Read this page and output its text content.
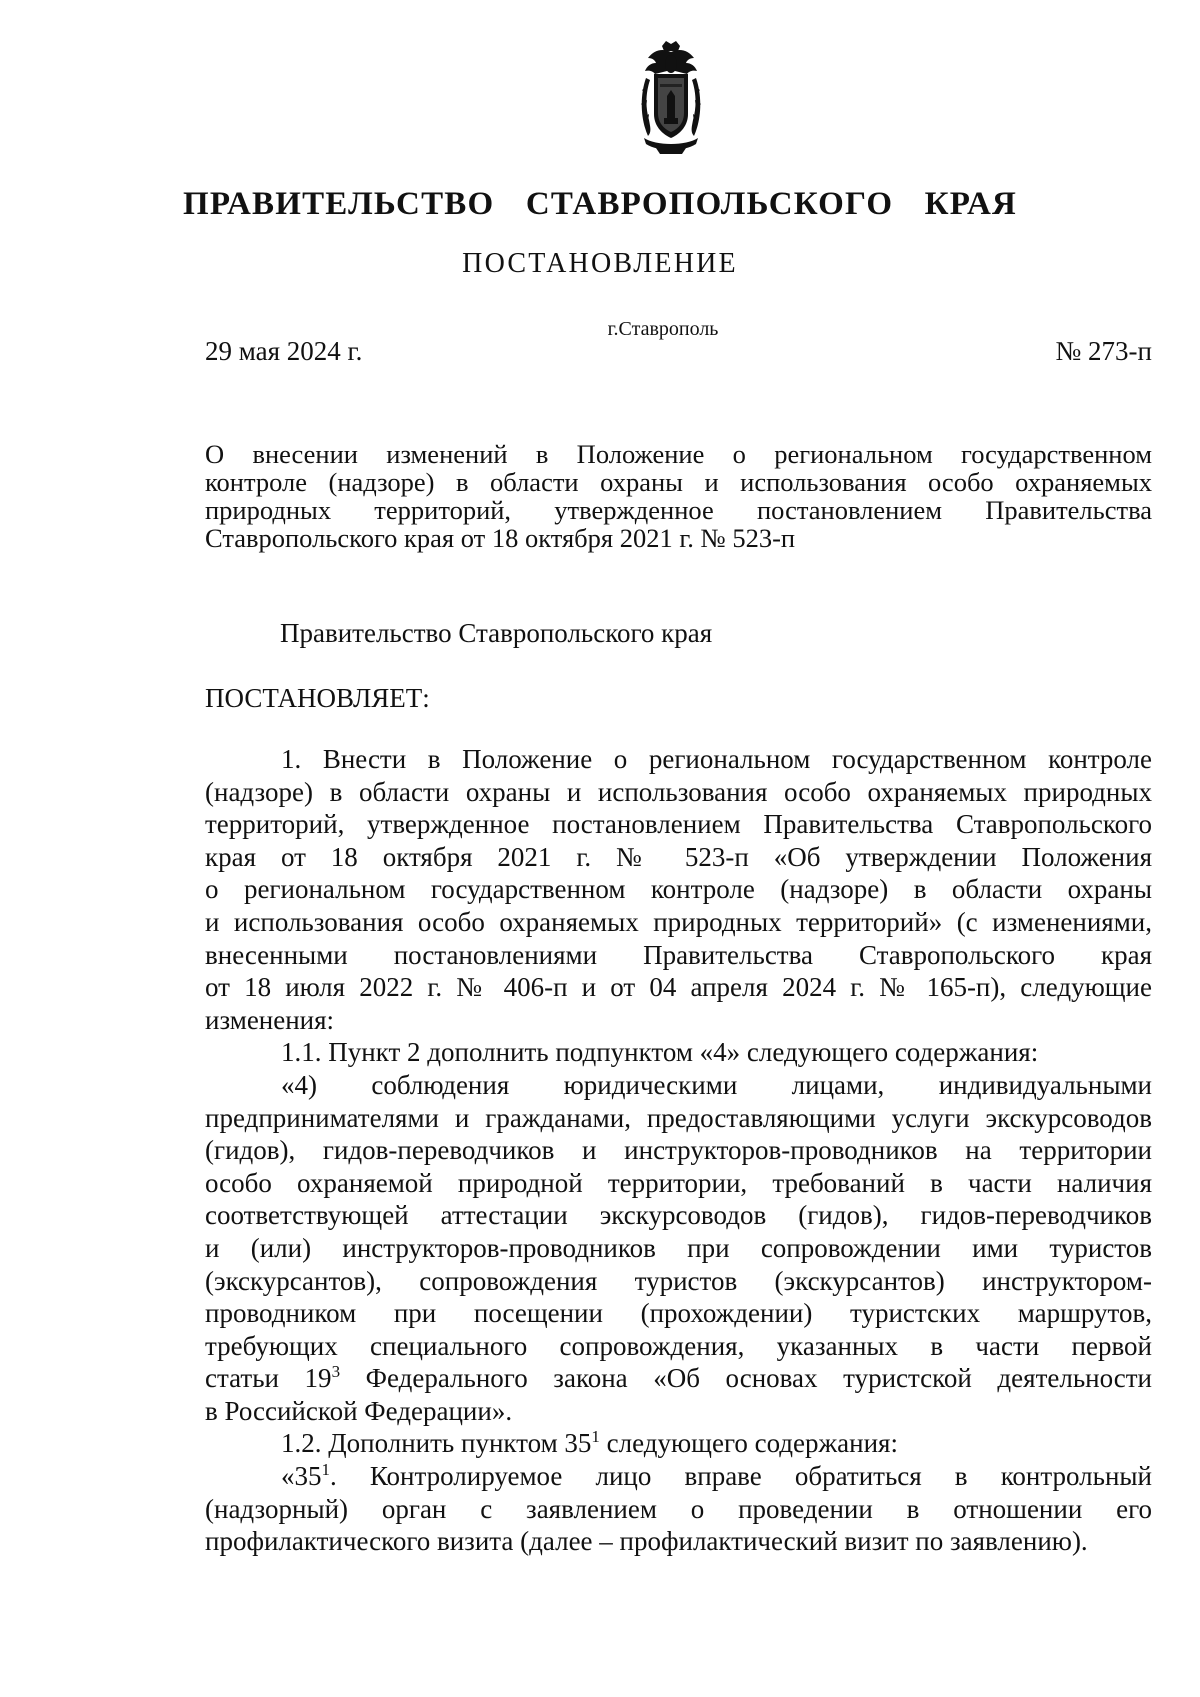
ПРАВИТЕЛЬСТВО СТАВРОПОЛЬСКОГО КРАЯ
ПОСТАНОВЛЕНИЕ
29 мая 2024 г.
г.Ставрополь
№ 273-п
О внесении изменений в Положение о региональном государственном
контроле (надзоре) в области охраны и использования особо охраняемых
природных территорий, утвержденное постановлением Правительства
Ставропольского края от 18 октября 2021 г. № 523-п
Правительство Ставропольского края
ПОСТАНОВЛЯЕТ:
1. Внести в Положение о региональном государственном контроле
(надзоре) в области охраны и использования особо охраняемых природных
территорий, утвержденное постановлением Правительства Ставропольского
края от 18 октября 2021 г. № 523-п «Об утверждении Положения
о региональном государственном контроле (надзоре) в области охраны
и использования особо охраняемых природных территорий» (с изменениями,
внесенными постановлениями Правительства Ставропольского края
от 18 июля 2022 г. № 406-п и от 04 апреля 2024 г. № 165-п), следующие
изменения:
1.1. Пункт 2 дополнить подпунктом «4» следующего содержания:
«4) соблюдения юридическими лицами, индивидуальными
предпринимателями и гражданами, предоставляющими услуги экскурсоводов
(гидов), гидов-переводчиков и инструкторов-проводников на территории
особо охраняемой природной территории, требований в части наличия
соответствующей аттестации экскурсоводов (гидов), гидов-переводчиков
и (или) инструкторов-проводников при сопровождении ими туристов
(экскурсантов), сопровождения туристов (экскурсантов) инструктором-
проводником при посещении (прохождении) туристских маршрутов,
требующих специального сопровождения, указанных в части первой
статьи $19^3$ Федерального закона «Об основах туристской деятельности
в Российской Федерации».
1.2. Дополнить пунктом $35^1$ следующего содержания:
«$35^1$. Контролируемое лицо вправе обратиться в контрольный
(надзорный) орган с заявлением о проведении в отношении его
профилактического визита (далее – профилактический визит по заявлению).
